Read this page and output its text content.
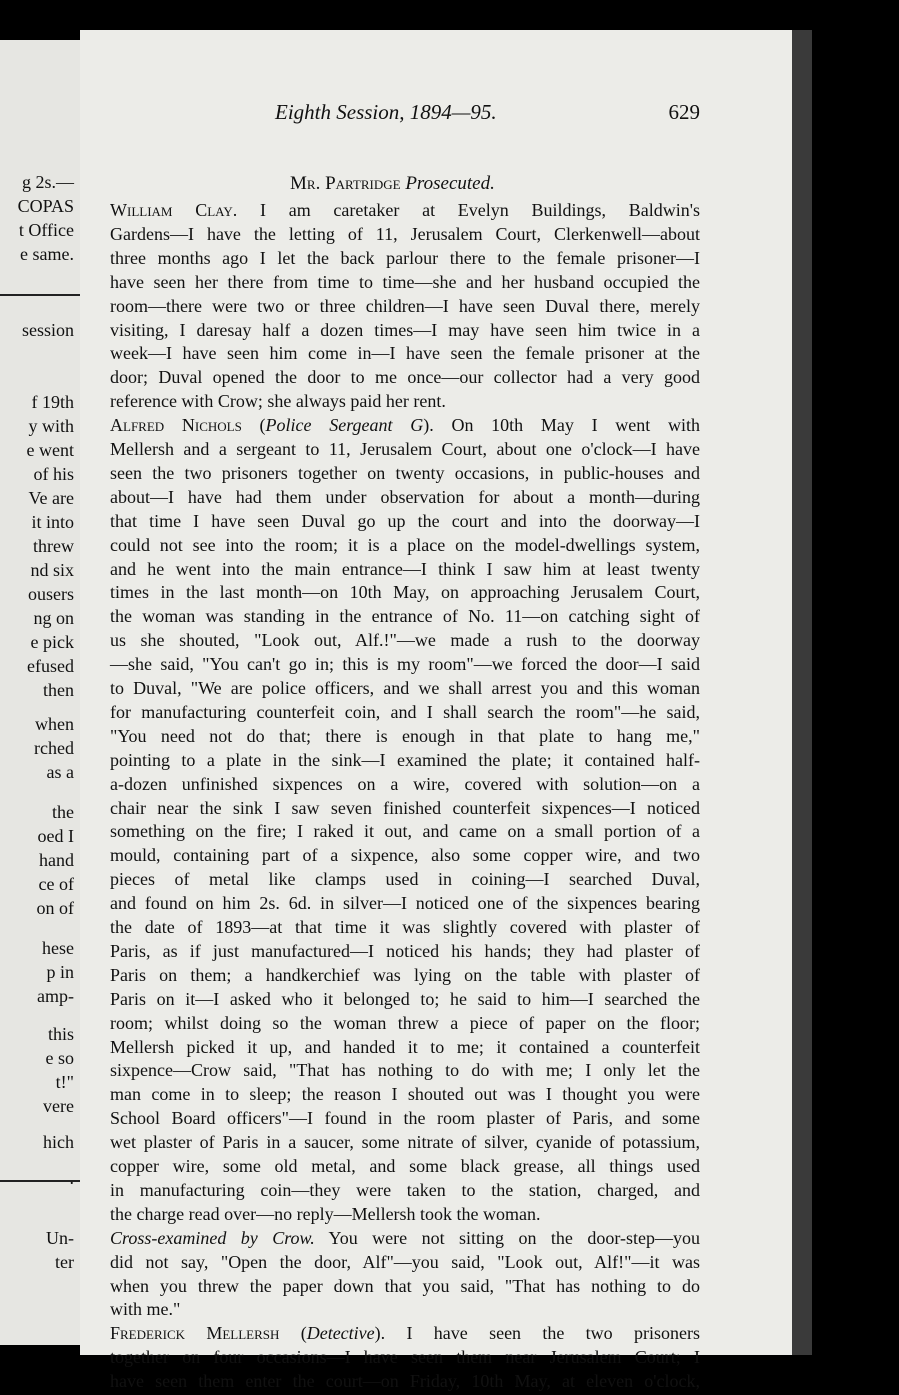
g 2s.—
COPAS
t Office
e same.
session
f 19th
y with
e went
of his
Ve are
it into
threw
nd six
ousers
ng on
e pick
efused
then
when
rched
as a
the
oed I
hand
ce of
on of
hese
p in
amp-
this
e so
t!"
vere
hich
.
Un-
ter
Eighth Session, 1894—95.	629
Mr. Partridge Prosecuted.
William Clay. I am caretaker at Evelyn Buildings, Baldwin's
Gardens—I have the letting of 11, Jerusalem Court, Clerkenwell—about
three months ago I let the back parlour there to the female prisoner—I
have seen her there from time to time—she and her husband occupied the
room—there were two or three children—I have seen Duval there, merely
visiting, I daresay half a dozen times—I may have seen him twice in a
week—I have seen him come in—I have seen the female prisoner at the
door; Duval opened the door to me once—our collector had a very good
reference with Crow; she always paid her rent.
Alfred Nichols (Police Sergeant G). On 10th May I went with
Mellersh and a sergeant to 11, Jerusalem Court, about one o'clock—I have
seen the two prisoners together on twenty occasions, in public-houses and
about—I have had them under observation for about a month—during
that time I have seen Duval go up the court and into the doorway—I
could not see into the room; it is a place on the model-dwellings system,
and he went into the main entrance—I think I saw him at least twenty
times in the last month—on 10th May, on approaching Jerusalem Court,
the woman was standing in the entrance of No. 11—on catching sight of
us she shouted, "Look out, Alf.!"—we made a rush to the doorway
—she said, "You can't go in; this is my room"—we forced the door—I said
to Duval, "We are police officers, and we shall arrest you and this woman
for manufacturing counterfeit coin, and I shall search the room"—he said,
"You need not do that; there is enough in that plate to hang me,"
pointing to a plate in the sink—I examined the plate; it contained half-
a-dozen unfinished sixpences on a wire, covered with solution—on a
chair near the sink I saw seven finished counterfeit sixpences—I noticed
something on the fire; I raked it out, and came on a small portion of a
mould, containing part of a sixpence, also some copper wire, and two
pieces of metal like clamps used in coining—I searched Duval,
and found on him 2s. 6d. in silver—I noticed one of the sixpences bearing
the date of 1893—at that time it was slightly covered with plaster of
Paris, as if just manufactured—I noticed his hands; they had plaster of
Paris on them; a handkerchief was lying on the table with plaster of
Paris on it—I asked who it belonged to; he said to him—I searched the
room; whilst doing so the woman threw a piece of paper on the floor;
Mellersh picked it up, and handed it to me; it contained a counterfeit
sixpence—Crow said, "That has nothing to do with me; I only let the
man come in to sleep; the reason I shouted out was I thought you were
School Board officers"—I found in the room plaster of Paris, and some
wet plaster of Paris in a saucer, some nitrate of silver, cyanide of potassium,
copper wire, some old metal, and some black grease, all things used
in manufacturing coin—they were taken to the station, charged, and
the charge read over—no reply—Mellersh took the woman.
Cross-examined by Crow. You were not sitting on the door-step—you
did not say, "Open the door, Alf"—you said, "Look out, Alf!"—it was
when you threw the paper down that you said, "That has nothing to do
with me."
Frederick Mellersh (Detective). I have seen the two prisoners
together on four occasions—I have seen them near Jerusalem Court; I
have seen them enter the court—on Friday, 10th May, at eleven o'clock,
